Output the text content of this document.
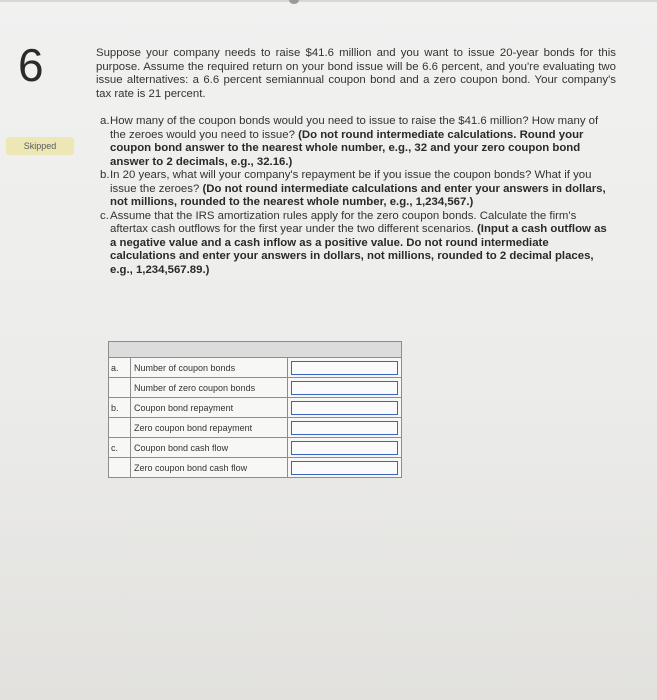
6
Skipped

Suppose your company needs to raise $41.6 million and you want to issue 20-year bonds for this purpose. Assume the required return on your bond issue will be 6.6 percent, and you're evaluating two issue alternatives: a 6.6 percent semiannual coupon bond and a zero coupon bond. Your company's tax rate is 21 percent.

a. How many of the coupon bonds would you need to issue to raise the $41.6 million? How many of the zeroes would you need to issue? (Do not round intermediate calculations. Round your coupon bond answer to the nearest whole number, e.g., 32 and your zero coupon bond answer to 2 decimals, e.g., 32.16.)

b. In 20 years, what will your company's repayment be if you issue the coupon bonds? What if you issue the zeroes? (Do not round intermediate calculations and enter your answers in dollars, not millions, rounded to the nearest whole number, e.g., 1,234,567.)

c. Assume that the IRS amortization rules apply for the zero coupon bonds. Calculate the firm's aftertax cash outflows for the first year under the two different scenarios. (Input a cash outflow as a negative value and a cash inflow as a positive value. Do not round intermediate calculations and enter your answers in dollars, not millions, rounded to 2 decimal places, e.g., 1,234,567.89.)

a.	Number of coupon bonds	

	Number of zero coupon bonds	

b.	Coupon bond repayment	

	Zero coupon bond repayment	

c.	Coupon bond cash flow	

	Zero coupon bond cash flow	
